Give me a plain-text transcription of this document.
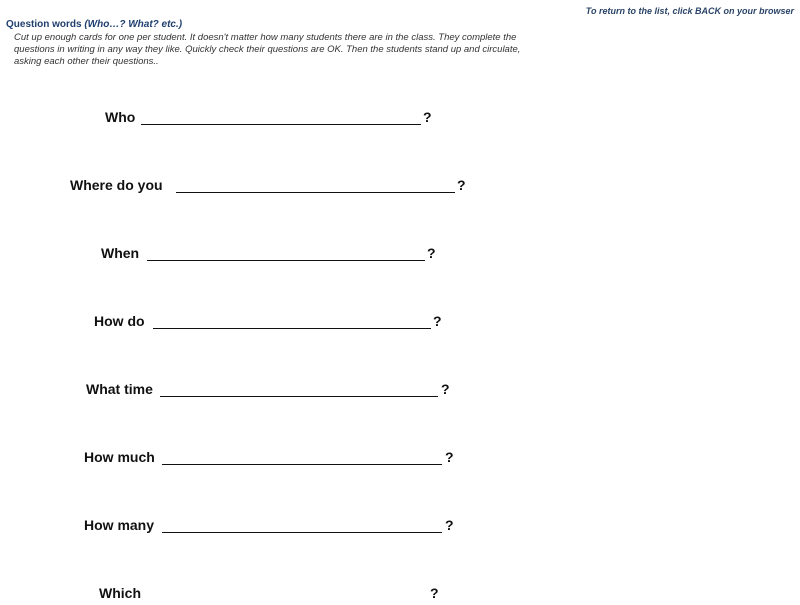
To return to the list, click BACK on your browser
Question words (Who…? What? etc.)
Cut up enough cards for one per student. It doesn't matter how many students there are in the class. They complete the questions in writing in any way they like. Quickly check their questions are OK. Then the students stand up and circulate, asking each other their questions..
Who	?
Where do you	?
When	?
How do	?
What time	?
How much	?
How many	?
Which	?
